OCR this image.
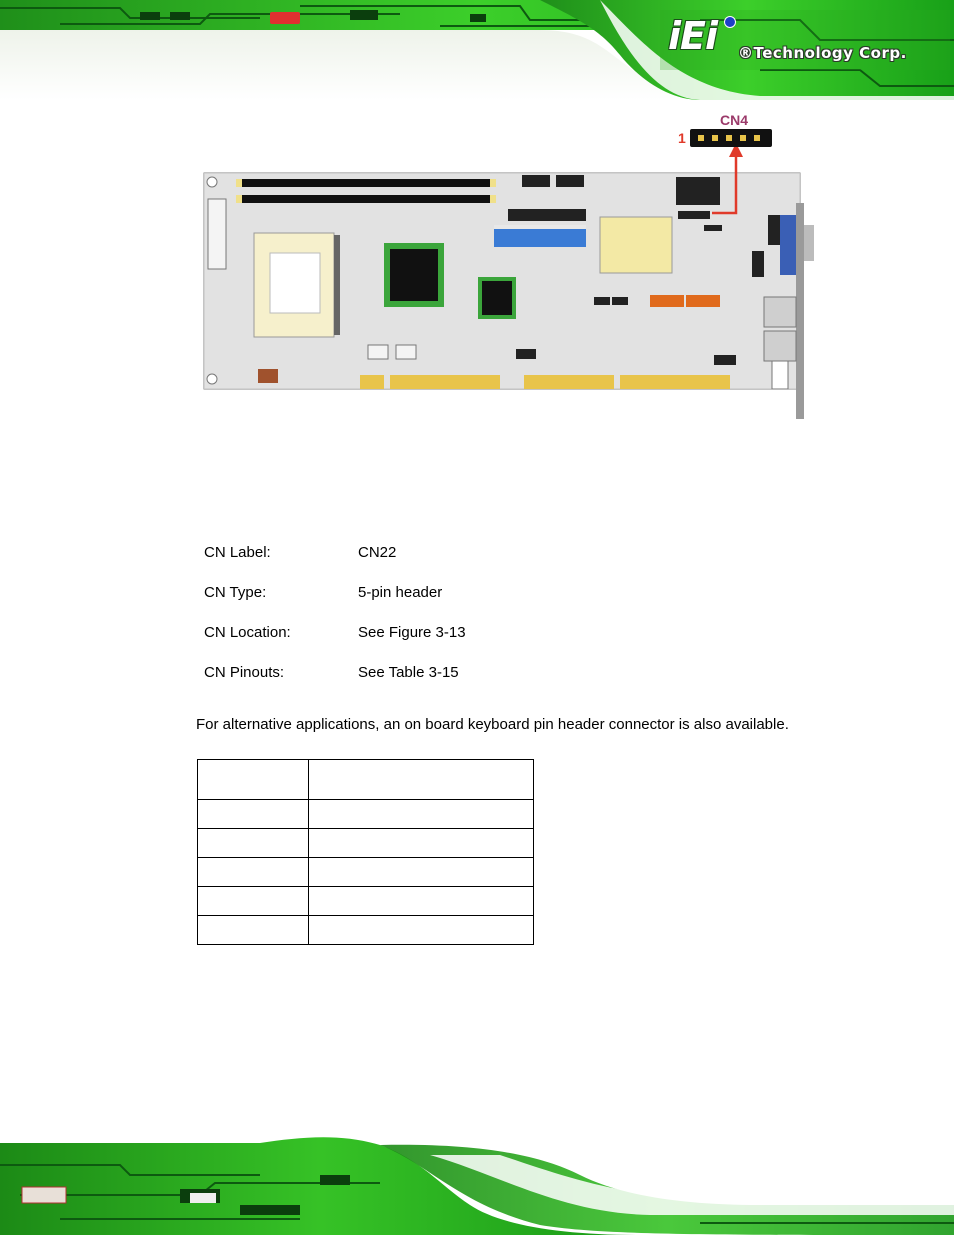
iEi ®Technology Corp.
CN4
1
CN Label:	CN22
CN Type:	5-pin header
CN Location:	See Figure 3-13
CN Pinouts:	See Table 3-15

For alternative applications, an on board keyboard pin header connector is also available.
